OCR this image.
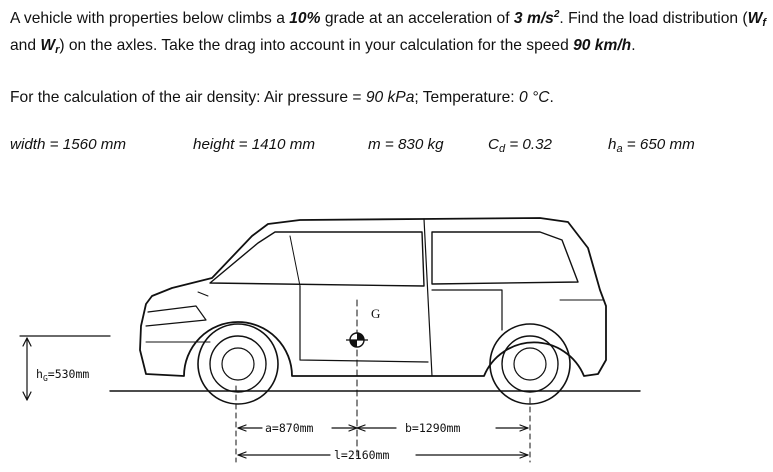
A vehicle with properties below climbs a 10% grade at an acceleration of 3 $m/s^2$. Find the load distribution ($W_f$ and $W_r$) on the axles. Take the drag into account in your calculation for the speed 90 km/h.

For the calculation of the air density: Air pressure = 90 kPa; Temperature: 0 °C.
width = 1560 mm	height = 1410 mm	m = 830 kg	$C_d = 0.32$	$h_a = 650$ mm
G
$h_G=530mm$
a=870mm	b=1290mm
l=2160mm
